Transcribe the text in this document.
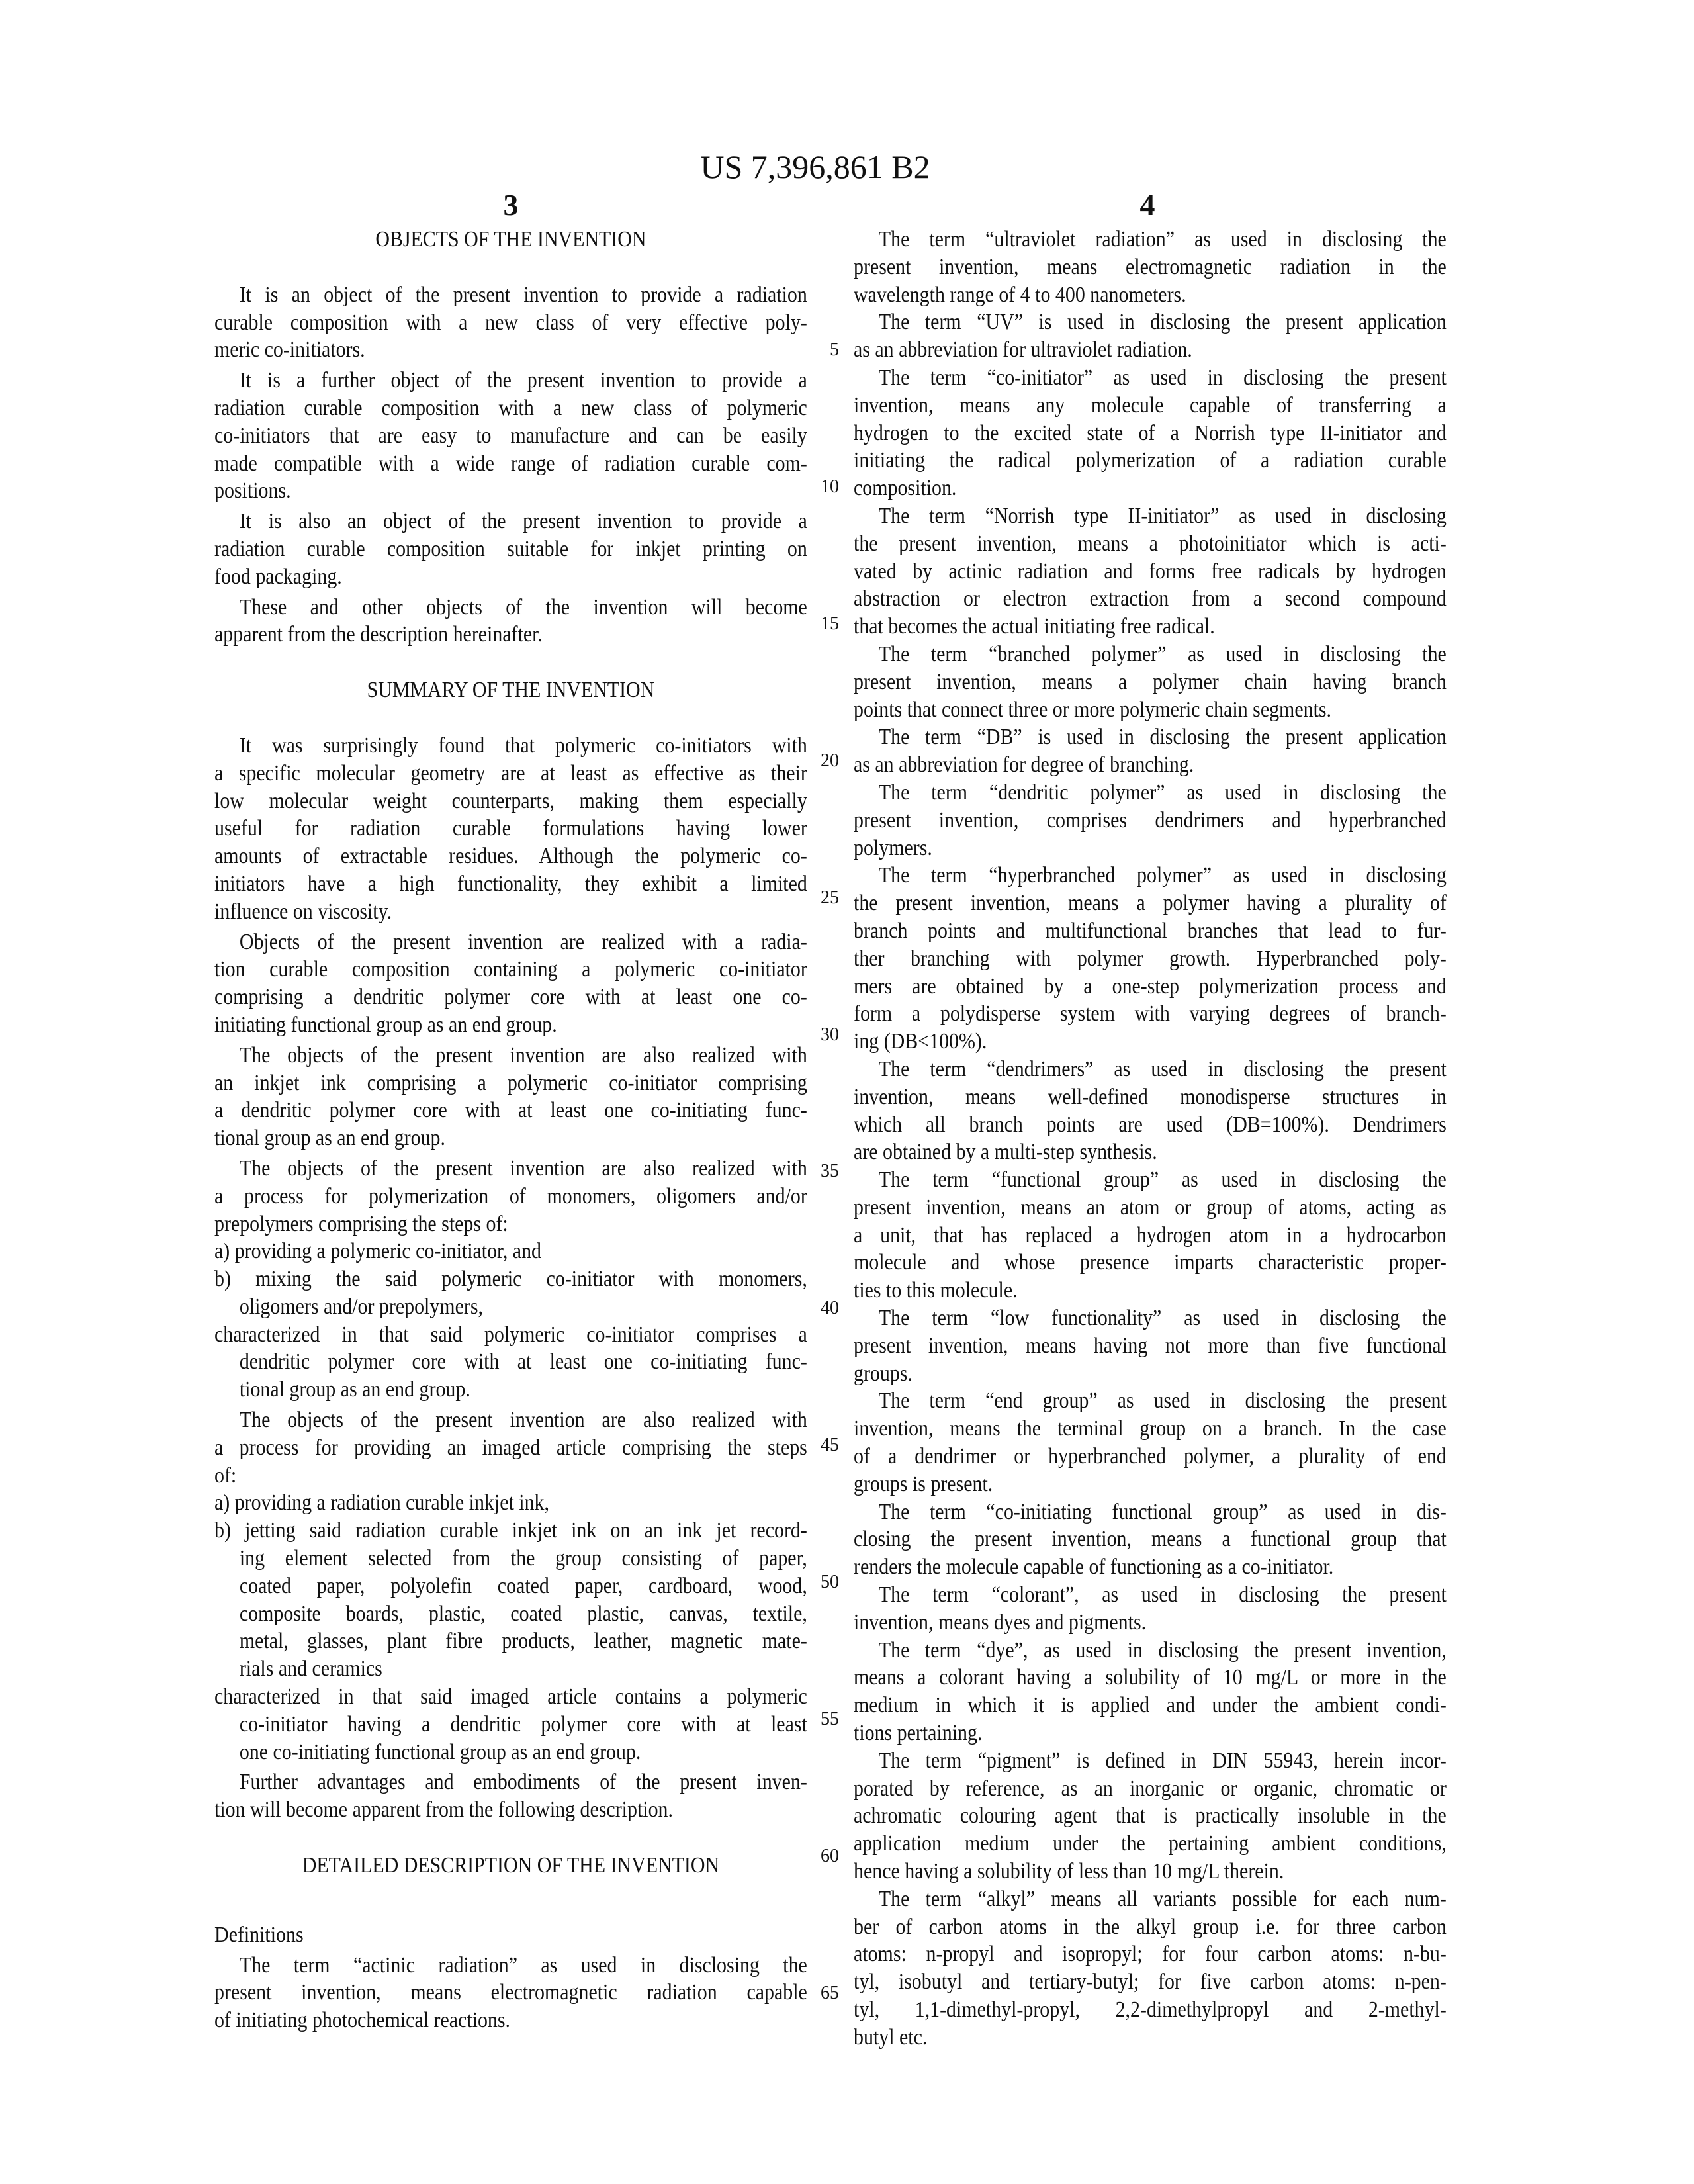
US 7,396,861 B2
3	4
5
10
15
20
25
30
35
40
45
50
55
60
65
OBJECTS OF THE INVENTION
It is an object of the present invention to provide a radiation
curable composition with a new class of very effective poly-
meric co-initiators.
It is a further object of the present invention to provide a
radiation curable composition with a new class of polymeric
co-initiators that are easy to manufacture and can be easily
made compatible with a wide range of radiation curable com-
positions.
It is also an object of the present invention to provide a
radiation curable composition suitable for inkjet printing on
food packaging.
These and other objects of the invention will become
apparent from the description hereinafter.
SUMMARY OF THE INVENTION
It was surprisingly found that polymeric co-initiators with
a specific molecular geometry are at least as effective as their
low molecular weight counterparts, making them especially
useful for radiation curable formulations having lower
amounts of extractable residues. Although the polymeric co-
initiators have a high functionality, they exhibit a limited
influence on viscosity.
Objects of the present invention are realized with a radia-
tion curable composition containing a polymeric co-initiator
comprising a dendritic polymer core with at least one co-
initiating functional group as an end group.
The objects of the present invention are also realized with
an inkjet ink comprising a polymeric co-initiator comprising
a dendritic polymer core with at least one co-initiating func-
tional group as an end group.
The objects of the present invention are also realized with
a process for polymerization of monomers, oligomers and/or
prepolymers comprising the steps of:
a) providing a polymeric co-initiator, and
b) mixing the said polymeric co-initiator with monomers,
oligomers and/or prepolymers,
characterized in that said polymeric co-initiator comprises a
dendritic polymer core with at least one co-initiating func-
tional group as an end group.
The objects of the present invention are also realized with
a process for providing an imaged article comprising the steps
of:
a) providing a radiation curable inkjet ink,
b) jetting said radiation curable inkjet ink on an ink jet record-
ing element selected from the group consisting of paper,
coated paper, polyolefin coated paper, cardboard, wood,
composite boards, plastic, coated plastic, canvas, textile,
metal, glasses, plant fibre products, leather, magnetic mate-
rials and ceramics
characterized in that said imaged article contains a polymeric
co-initiator having a dendritic polymer core with at least
one co-initiating functional group as an end group.
Further advantages and embodiments of the present inven-
tion will become apparent from the following description.
DETAILED DESCRIPTION OF THE INVENTION
Definitions
The term “actinic radiation” as used in disclosing the
present invention, means electromagnetic radiation capable
of initiating photochemical reactions.
The term “ultraviolet radiation” as used in disclosing the
present invention, means electromagnetic radiation in the
wavelength range of 4 to 400 nanometers.
The term “UV” is used in disclosing the present application
as an abbreviation for ultraviolet radiation.
The term “co-initiator” as used in disclosing the present
invention, means any molecule capable of transferring a
hydrogen to the excited state of a Norrish type II-initiator and
initiating the radical polymerization of a radiation curable
composition.
The term “Norrish type II-initiator” as used in disclosing
the present invention, means a photoinitiator which is acti-
vated by actinic radiation and forms free radicals by hydrogen
abstraction or electron extraction from a second compound
that becomes the actual initiating free radical.
The term “branched polymer” as used in disclosing the
present invention, means a polymer chain having branch
points that connect three or more polymeric chain segments.
The term “DB” is used in disclosing the present application
as an abbreviation for degree of branching.
The term “dendritic polymer” as used in disclosing the
present invention, comprises dendrimers and hyperbranched
polymers.
The term “hyperbranched polymer” as used in disclosing
the present invention, means a polymer having a plurality of
branch points and multifunctional branches that lead to fur-
ther branching with polymer growth. Hyperbranched poly-
mers are obtained by a one-step polymerization process and
form a polydisperse system with varying degrees of branch-
ing (DB<100%).
The term “dendrimers” as used in disclosing the present
invention, means well-defined monodisperse structures in
which all branch points are used (DB=100%). Dendrimers
are obtained by a multi-step synthesis.
The term “functional group” as used in disclosing the
present invention, means an atom or group of atoms, acting as
a unit, that has replaced a hydrogen atom in a hydrocarbon
molecule and whose presence imparts characteristic proper-
ties to this molecule.
The term “low functionality” as used in disclosing the
present invention, means having not more than five functional
groups.
The term “end group” as used in disclosing the present
invention, means the terminal group on a branch. In the case
of a dendrimer or hyperbranched polymer, a plurality of end
groups is present.
The term “co-initiating functional group” as used in dis-
closing the present invention, means a functional group that
renders the molecule capable of functioning as a co-initiator.
The term “colorant”, as used in disclosing the present
invention, means dyes and pigments.
The term “dye”, as used in disclosing the present invention,
means a colorant having a solubility of 10 mg/L or more in the
medium in which it is applied and under the ambient condi-
tions pertaining.
The term “pigment” is defined in DIN 55943, herein incor-
porated by reference, as an inorganic or organic, chromatic or
achromatic colouring agent that is practically insoluble in the
application medium under the pertaining ambient conditions,
hence having a solubility of less than 10 mg/L therein.
The term “alkyl” means all variants possible for each num-
ber of carbon atoms in the alkyl group i.e. for three carbon
atoms: n-propyl and isopropyl; for four carbon atoms: n-bu-
tyl, isobutyl and tertiary-butyl; for five carbon atoms: n-pen-
tyl, 1,1-dimethyl-propyl, 2,2-dimethylpropyl and 2-methyl-
butyl etc.
